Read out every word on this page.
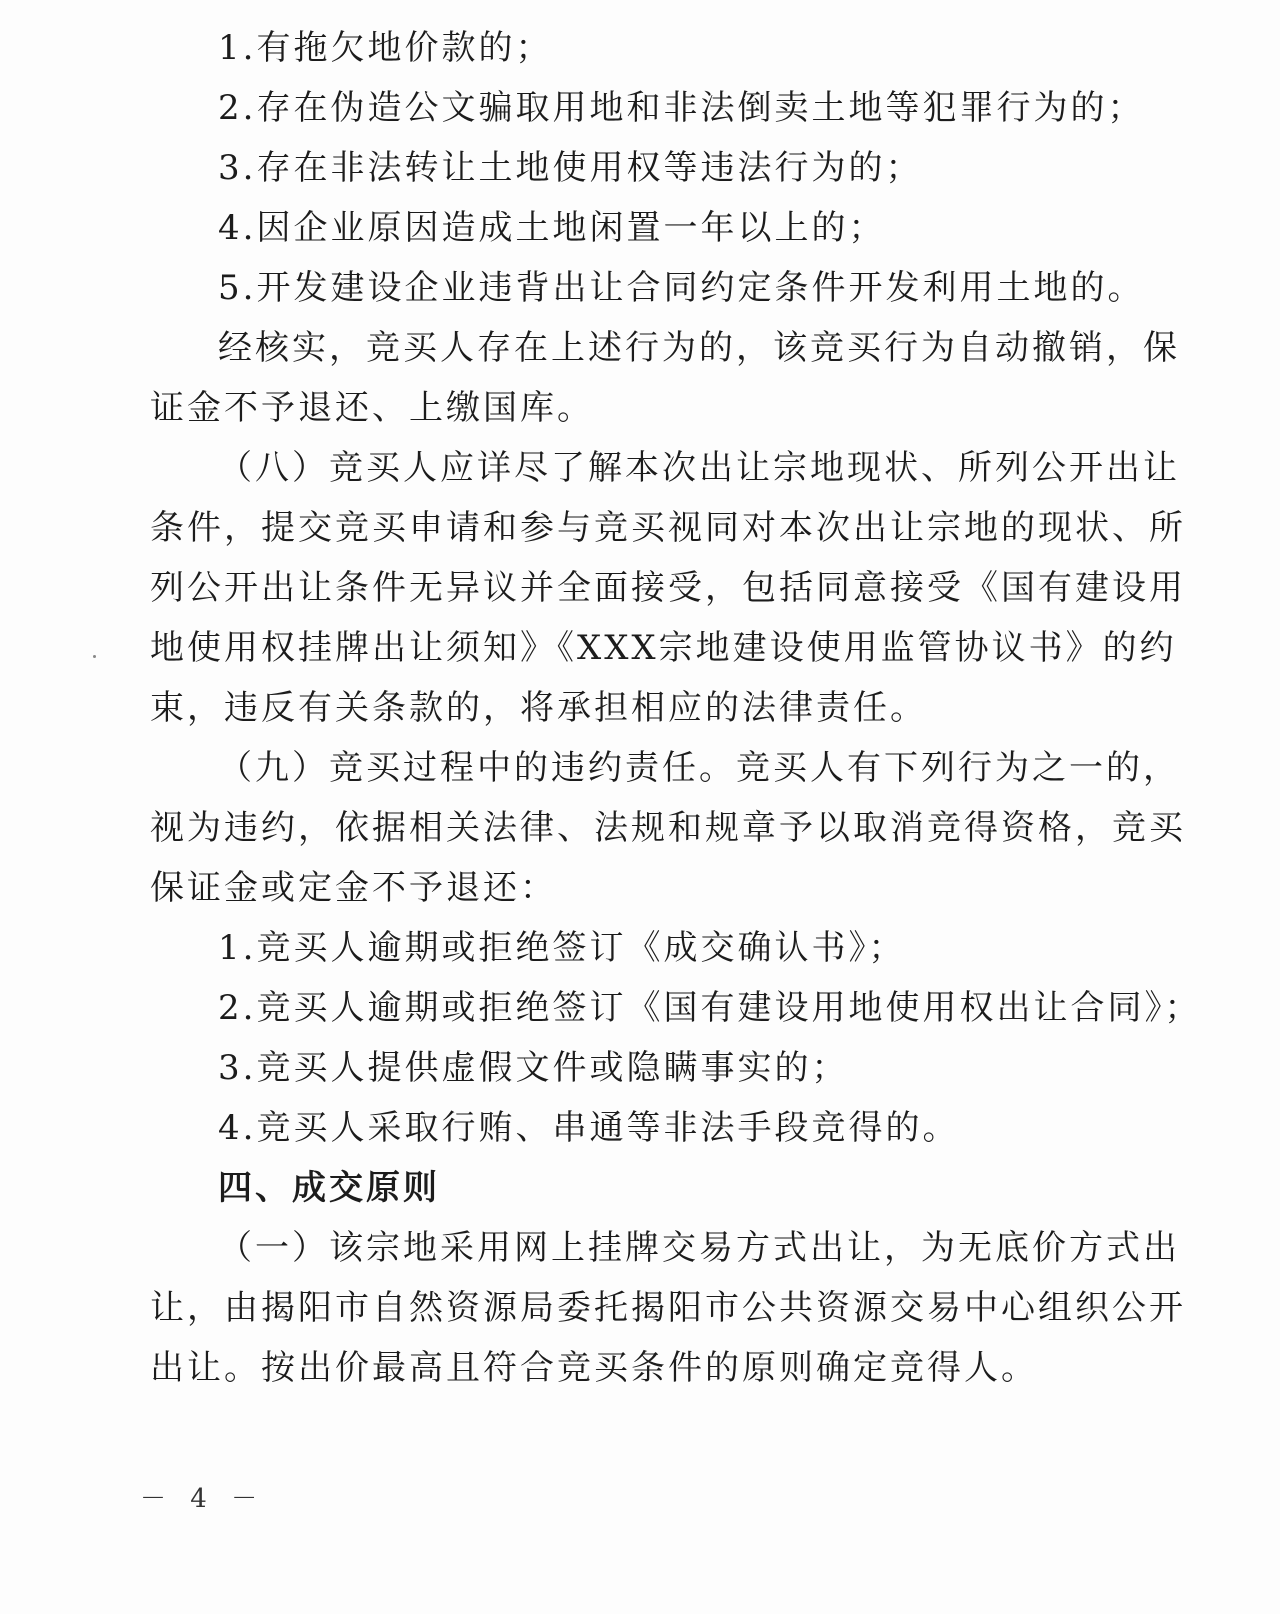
1.有拖欠地价款的；

2.存在伪造公文骗取用地和非法倒卖土地等犯罪行为的；

3.存在非法转让土地使用权等违法行为的；

4.因企业原因造成土地闲置一年以上的；

5.开发建设企业违背出让合同约定条件开发利用土地的。

经核实，竞买人存在上述行为的，该竞买行为自动撤销，保

证金不予退还、上缴国库。

（八）竞买人应详尽了解本次出让宗地现状、所列公开出让

条件，提交竞买申请和参与竞买视同对本次出让宗地的现状、所

列公开出让条件无异议并全面接受，包括同意接受《国有建设用

地使用权挂牌出让须知》《XXX宗地建设使用监管协议书》的约

束，违反有关条款的，将承担相应的法律责任。

（九）竞买过程中的违约责任。竞买人有下列行为之一的，

视为违约，依据相关法律、法规和规章予以取消竞得资格，竞买

保证金或定金不予退还：

1.竞买人逾期或拒绝签订《成交确认书》；

2.竞买人逾期或拒绝签订《国有建设用地使用权出让合同》；

3.竞买人提供虚假文件或隐瞒事实的；

4.竞买人采取行贿、串通等非法手段竞得的。

四、成交原则

（一）该宗地采用网上挂牌交易方式出让，为无底价方式出

让，由揭阳市自然资源局委托揭阳市公共资源交易中心组织公开

出让。按出价最高且符合竞买条件的原则确定竞得人。

－ 4 －
